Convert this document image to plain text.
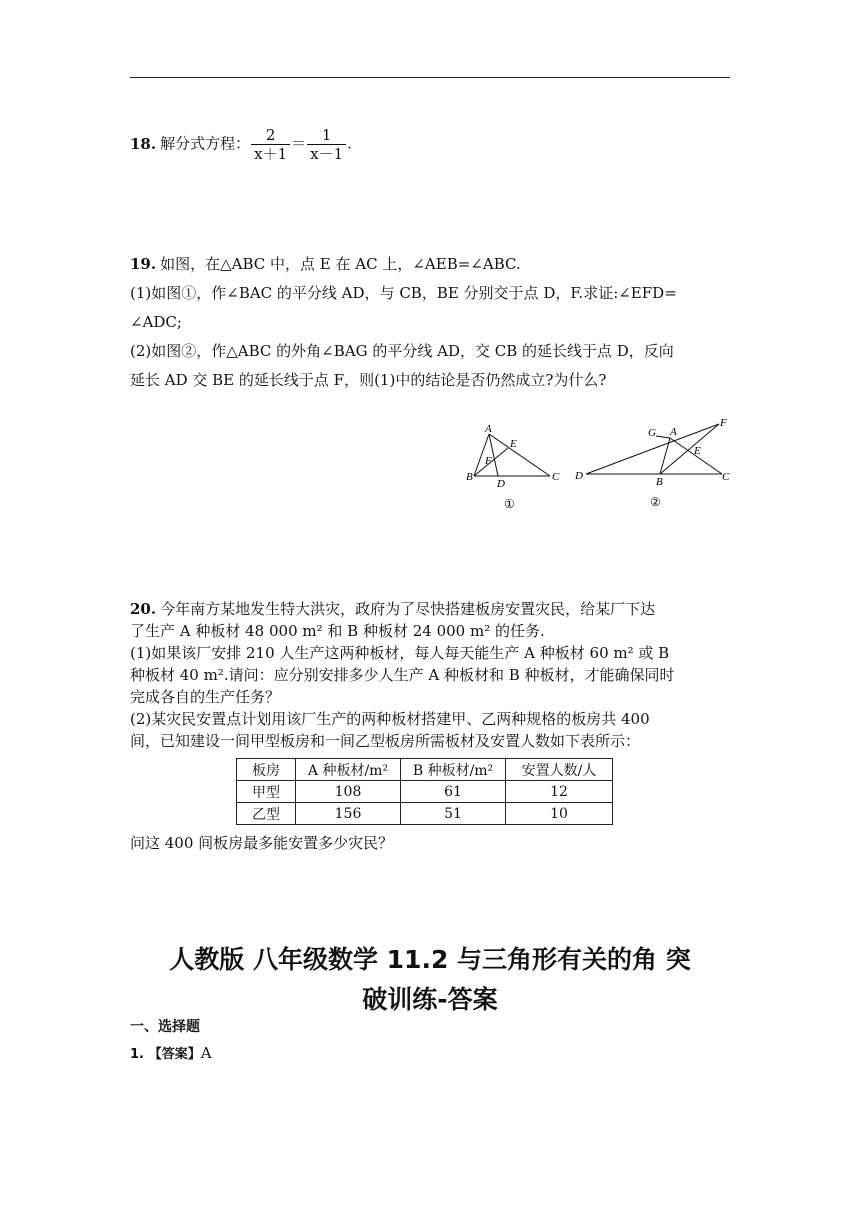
18. 解分式方程： $\frac{2}{x+1} = \frac{1}{x-1}$ .
19. 如图，在△ABC 中，点 E 在 AC 上，∠AEB=∠ABC.
(1)如图①，作∠BAC 的平分线 AD，与 CB，BE 分别交于点 D，F.求证:∠EFD=
∠ADC;
(2)如图②，作△ABC 的外角∠BAG 的平分线 AD，交 CB 的延长线于点 D，反向
延长 AD 交 BE 的延长线于点 F，则(1)中的结论是否仍然成立?为什么?
A
E
F
B
D
C
①
G A
F
E
D	B	C
②
20. 今年南方某地发生特大洪灾，政府为了尽快搭建板房安置灾民，给某厂下达
了生产 A 种板材 48 000 m² 和 B 种板材 24 000 m² 的任务.
(1)如果该厂安排 210 人生产这两种板材，每人每天能生产 A 种板材 60 m² 或 B
种板材 40 m².请问：应分别安排多少人生产 A 种板材和 B 种板材，才能确保同时
完成各自的生产任务？
(2)某灾民安置点计划用该厂生产的两种板材搭建甲、乙两种规格的板房共 400
间，已知建设一间甲型板房和一间乙型板房所需板材及安置人数如下表所示：
板房	A 种板材/m²	B 种板材/m²	安置人数/人
甲型	108	61	12
乙型	156	51	10
问这 400 间板房最多能安置多少灾民？
人教版 八年级数学 11.2 与三角形有关的角 突
破训练-答案
一、选择题
1. 【答案】A
